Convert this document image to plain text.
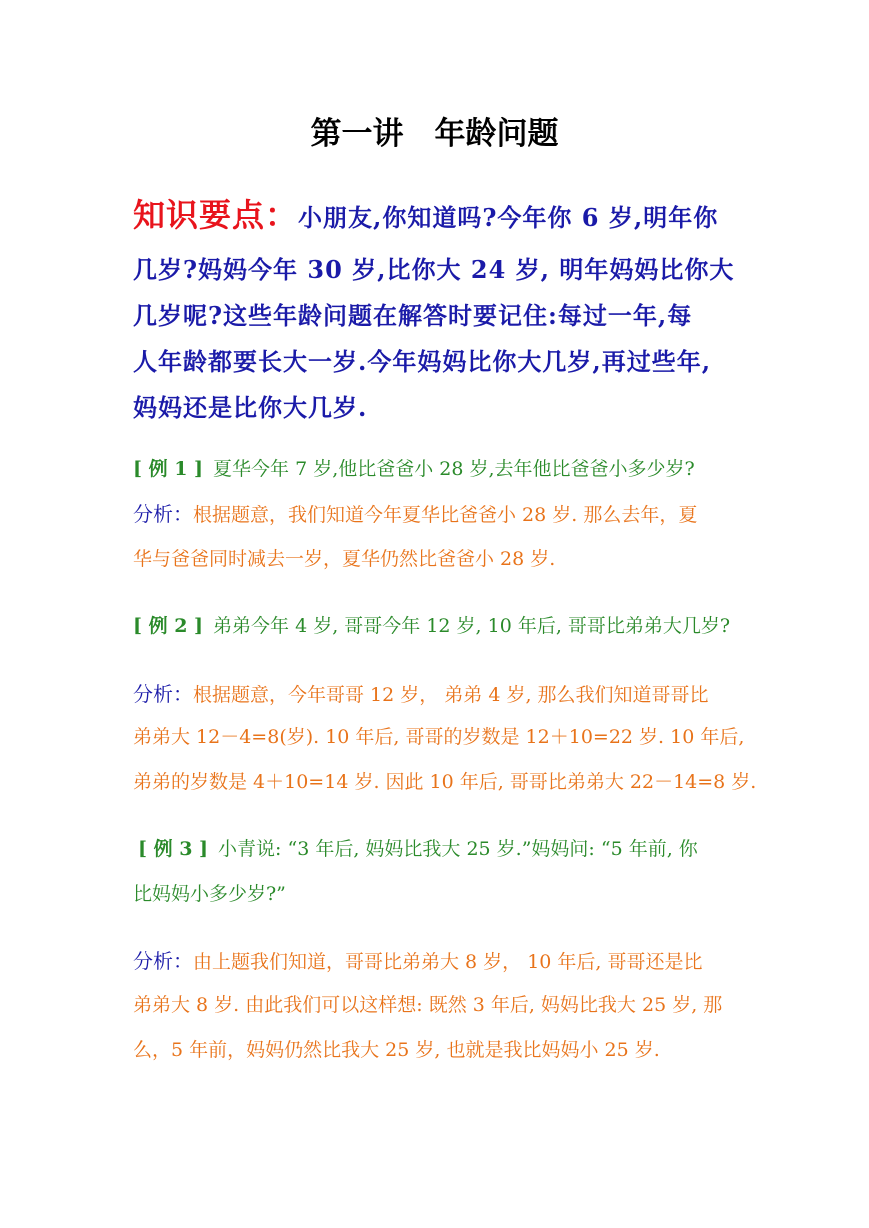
第一讲　年龄问题
知识要点：小朋友,你知道吗?今年你 6 岁,明年你
几岁?妈妈今年 30 岁,比你大 24 岁, 明年妈妈比你大
几岁呢?这些年龄问题在解答时要记住:每过一年,每
人年龄都要长大一岁.今年妈妈比你大几岁,再过些年,
妈妈还是比你大几岁.
[ 例 1 ] 夏华今年 7 岁,他比爸爸小 28 岁,去年他比爸爸小多少岁?
分析：根据题意，我们知道今年夏华比爸爸小 28 岁. 那么去年，夏
华与爸爸同时减去一岁，夏华仍然比爸爸小 28 岁.
[ 例 2 ] 弟弟今年 4 岁, 哥哥今年 12 岁, 10 年后, 哥哥比弟弟大几岁?
分析：根据题意，今年哥哥 12 岁， 弟弟 4 岁, 那么我们知道哥哥比
弟弟大 12－4=8(岁). 10 年后, 哥哥的岁数是 12＋10=22 岁. 10 年后,
弟弟的岁数是 4＋10=14 岁. 因此 10 年后, 哥哥比弟弟大 22－14=8 岁.
[ 例 3 ] 小青说: “3 年后, 妈妈比我大 25 岁.”妈妈问: “5 年前, 你
比妈妈小多少岁?”
分析：由上题我们知道，哥哥比弟弟大 8 岁， 10 年后, 哥哥还是比
弟弟大 8 岁. 由此我们可以这样想: 既然 3 年后, 妈妈比我大 25 岁, 那
么，5 年前，妈妈仍然比我大 25 岁, 也就是我比妈妈小 25 岁.
